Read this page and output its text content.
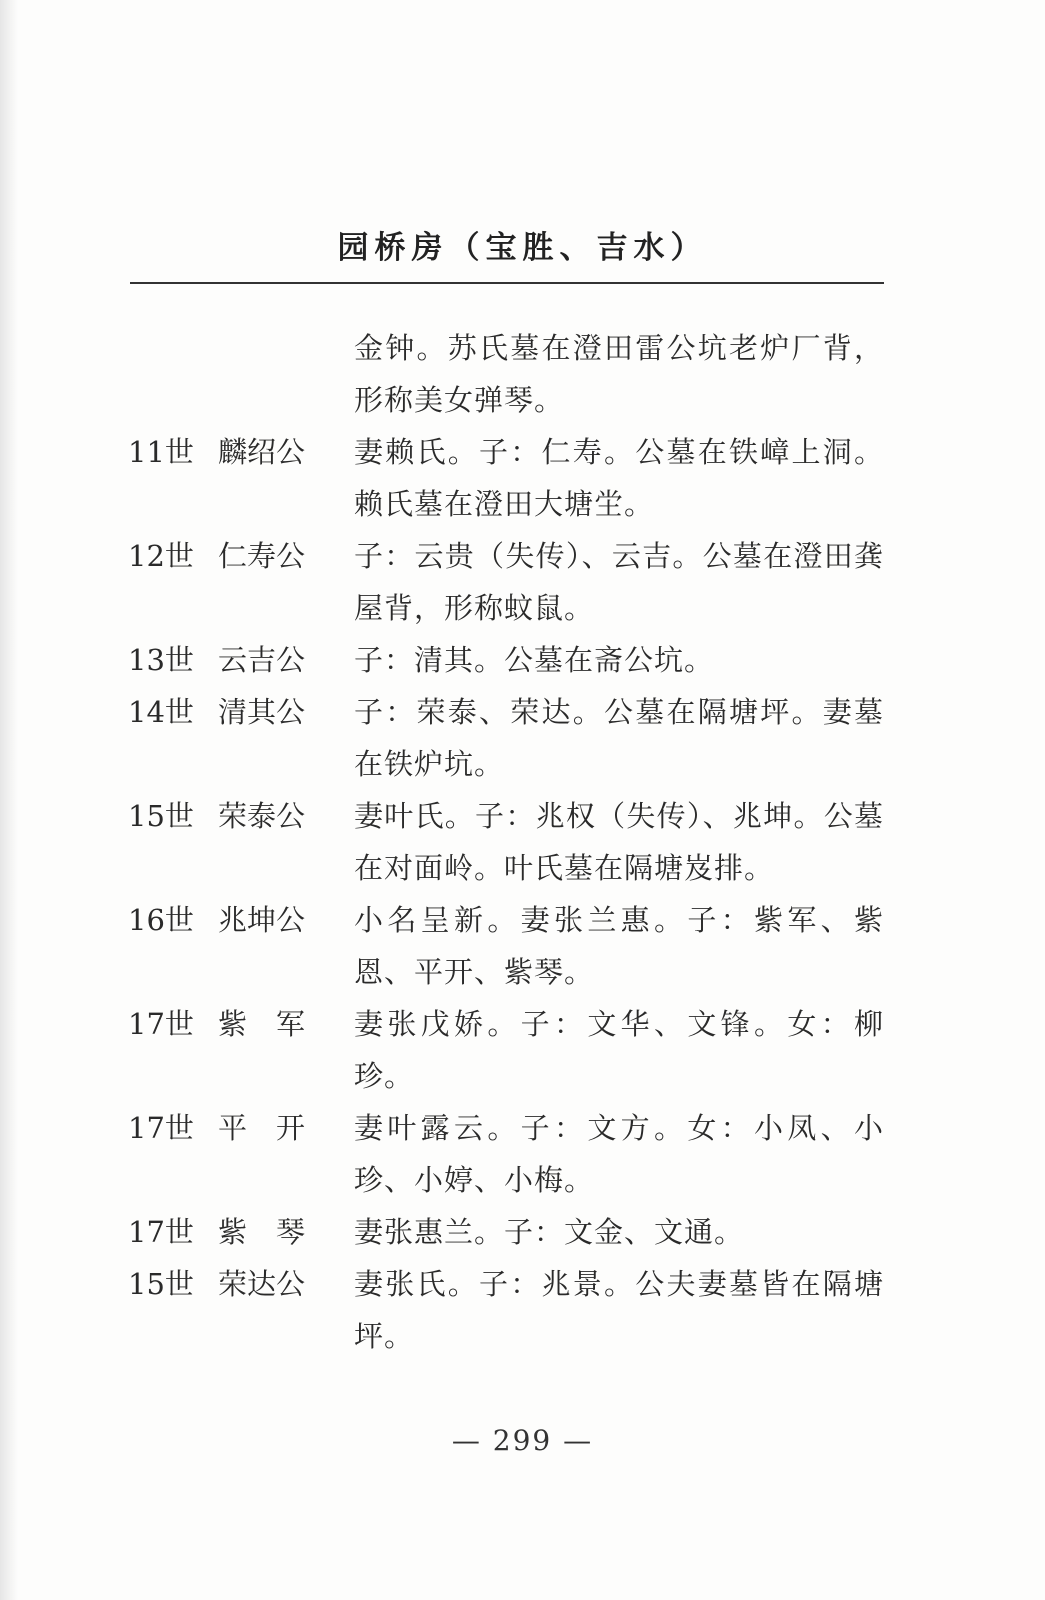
园桥房（宝胜、吉水）
金钟。苏氏墓在澄田雷公坑老炉厂背，形称美女弹琴。
11世 麟绍公 妻赖氏。子：仁寿。公墓在铁嶂上洞。赖氏墓在澄田大塘坣。
12世 仁寿公 子：云贵（失传）、云吉。公墓在澄田龚屋背，形称蚊鼠。
13世 云吉公 子：清其。公墓在斋公坑。
14世 清其公 子：荣泰、荣达。公墓在隔塘坪。妻墓在铁炉坑。
15世 荣泰公 妻叶氏。子：兆权（失传）、兆坤。公墓在对面岭。叶氏墓在隔塘岌排。
16世 兆坤公 小名呈新。妻张兰惠。子：紫军、紫恩、平开、紫琴。
17世 紫　军 妻张戊娇。子：文华、文锋。女：柳珍。
17世 平　开 妻叶露云。子：文方。女：小凤、小珍、小婷、小梅。
17世 紫　琴 妻张惠兰。子：文金、文通。
15世 荣达公 妻张氏。子：兆景。公夫妻墓皆在隔塘坪。
— 299 —
